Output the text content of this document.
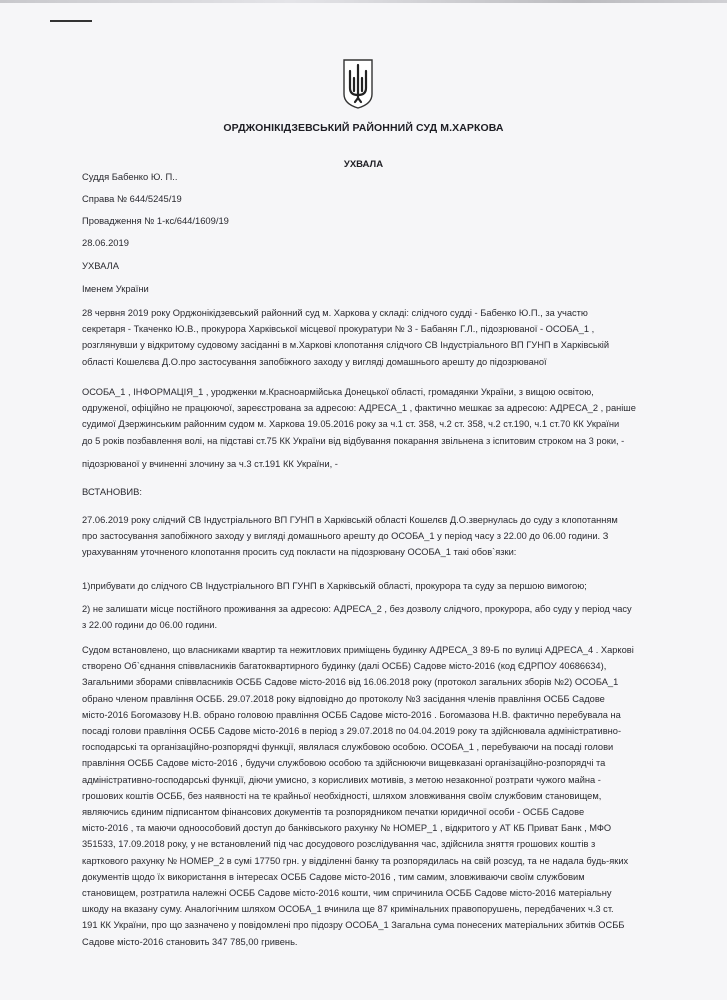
ОРДЖОНІКІДЗЕВСЬКИЙ РАЙОННИЙ СУД М.ХАРКОВА
УХВАЛА
Суддя Бабенко Ю. П..
Справа № 644/5245/19
Провадження № 1-кс/644/1609/19
28.06.2019
УХВАЛА
Іменем України
28 червня 2019 року Орджонікідзевський районний суд м. Харкова у складі: слідчого судді - Бабенко Ю.П., за участю
секретаря - Ткаченко Ю.В., прокурора Харківської місцевої прокуратури № 3 - Бабанян Г.Л., підозрюваної - ОСОБА_1 ,
розглянувши у відкритому судовому засіданні в м.Харкові клопотання слідчого СВ Індустріального ВП ГУНП в Харківській
області Кошелєва Д.О.про застосування запобіжного заходу у вигляді домашнього арешту до підозрюваної
ОСОБА_1 , ІНФОРМАЦІЯ_1 , уродженки м.Красноармійська Донецької області, громадянки України, з вищою освітою,
одруженої, офіційно не працюючої, зареєстрована за адресою: АДРЕСА_1 , фактично мешкає за адресою: АДРЕСА_2 , раніше
судимої Дзержинським районним судом м. Харкова 19.05.2016 року за ч.1 ст. 358, ч.2 ст. 358, ч.2 ст.190, ч.1 ст.70 КК України
до 5 років позбавлення волі, на підставі ст.75 КК України від відбування покарання звільнена з іспитовим строком на 3 роки, -
підозрюваної у вчиненні злочину за ч.3 ст.191 КК України, -
ВСТАНОВИВ:
27.06.2019 року слідчий СВ Індустріального ВП ГУНП в Харківській області Кошелєв Д.О.звернулась до суду з клопотанням
про застосування запобіжного заходу у вигляді домашнього арешту до ОСОБА_1 у період часу з 22.00 до 06.00 години. З
урахуванням уточненого клопотання просить суд покласти на підозрювану ОСОБА_1 такі обов`язки:
1)прибувати до слідчого СВ Індустріального ВП ГУНП в Харківській області, прокурора та суду за першою вимогою;
2) не залишати місце постійного проживання за адресою: АДРЕСА_2 , без дозволу слідчого, прокурора, або суду у період часу
з 22.00 години до 06.00 години.
Судом встановлено, що власниками квартир та нежитлових приміщень будинку АДРЕСА_3 89-Б по вулиці АДРЕСА_4 . Харкові
створено Об`єднання співвласників багатоквартирного будинку (далі ОСББ) Садове місто-2016 (код ЄДРПОУ 40686634),
Загальними зборами співвласників ОСББ Садове місто-2016 від 16.06.2018 року (протокол загальних зборів №2) ОСОБА_1
обрано членом правління ОСББ. 29.07.2018 року відповідно до протоколу №3 засідання членів правління ОСББ Садове
місто-2016 Богомазову Н.В. обрано головою правління ОСББ Садове місто-2016 . Богомазова Н.В. фактично перебувала на
посаді голови правління ОСББ Садове місто-2016 в період з 29.07.2018 по 04.04.2019 року та здійснювала адміністративно-
господарські та організаційно-розпорядчі функції, являлася службовою особою. ОСОБА_1 , перебуваючи на посаді голови
правління ОСББ Садове місто-2016 , будучи службовою особою та здійснюючи вищевказані організаційно-розпорядчі та
адміністративно-господарські функції, діючи умисно, з корисливих мотивів, з метою незаконної розтрати чужого майна -
грошових коштів ОСББ, без наявності на те крайньої необхідності, шляхом зловживання своїм службовим становищем,
являючись єдиним підписантом фінансових документів та розпорядником печатки юридичної особи - ОСББ Садове
місто-2016 , та маючи одноособовий доступ до банківського рахунку № НОМЕР_1 , відкритого у АТ КБ Приват Банк , МФО
351533, 17.09.2018 року, у не встановлений під час досудового розслідування час, здійснила зняття грошових коштів з
карткового рахунку № НОМЕР_2 в сумі 17750 грн. у відділенні банку та розпорядилась на свій розсуд, та не надала будь-яких
документів щодо їх використання в інтересах ОСББ Садове місто-2016 , тим самим, зловживаючи своїм службовим
становищем, розтратила належні ОСББ Садове місто-2016 кошти, чим спричинила ОСББ Садове місто-2016 матеріальну
шкоду на вказану суму. Аналогічним шляхом ОСОБА_1 вчинила ще 87 кримінальних правопорушень, передбачених ч.3 ст.
191 КК України, про що зазначено у повідомлені про підозру ОСОБА_1 Загальна сума понесених матеріальних збитків ОСББ
Садове місто-2016 становить 347 785,00 гривень.
